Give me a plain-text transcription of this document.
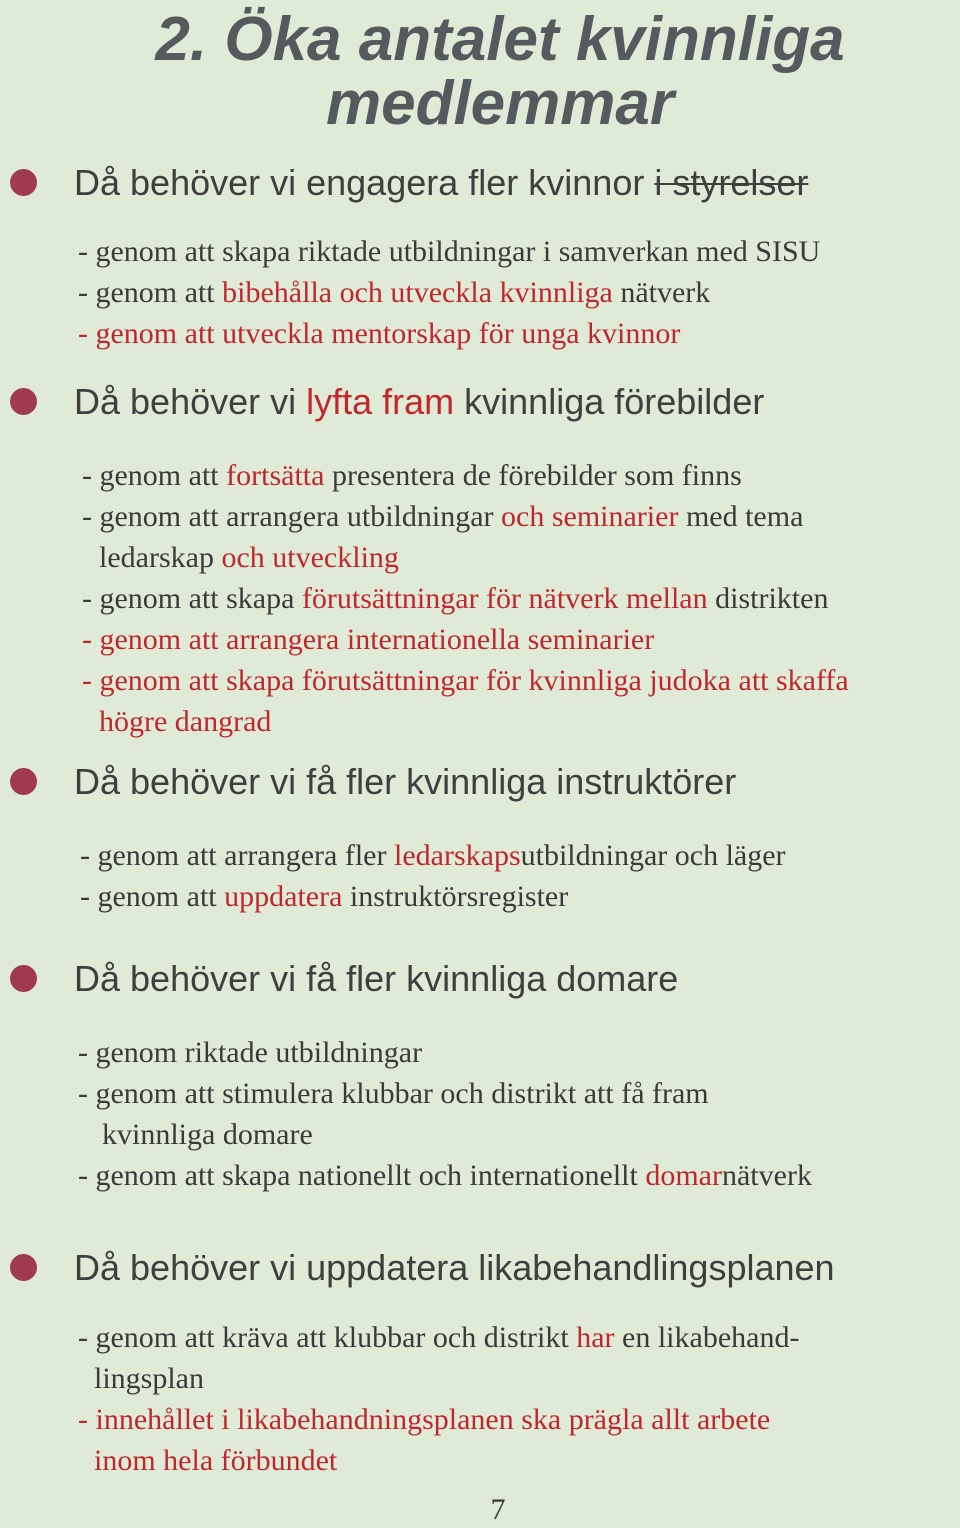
2. Öka antalet kvinnliga
medlemmar
Då behöver vi engagera fler kvinnor i styrelser
- genom att skapa riktade utbildningar i samverkan med SISU
- genom att bibehålla och utveckla kvinnliga nätverk
- genom att utveckla mentorskap för unga kvinnor
Då behöver vi lyfta fram kvinnliga förebilder
- genom att fortsätta presentera de förebilder som finns
- genom att arrangera utbildningar och seminarier med tema
ledarskap och utveckling
- genom att skapa förutsättningar för nätverk mellan distrikten
- genom att arrangera internationella seminarier
- genom att skapa förutsättningar för kvinnliga judoka att skaffa
högre dangrad
Då behöver vi få fler kvinnliga instruktörer
- genom att arrangera fler ledarskapsutbildningar och läger
- genom att uppdatera instruktörsregister
Då behöver vi få fler kvinnliga domare
- genom riktade utbildningar
- genom att stimulera klubbar och distrikt att få fram
kvinnliga domare
- genom att skapa nationellt och internationellt domarnätverk
Då behöver vi uppdatera likabehandlingsplanen
- genom att kräva att klubbar och distrikt har en likabehand-
lingsplan
- innehållet i likabehandningsplanen ska prägla allt arbete
inom hela förbundet
7
